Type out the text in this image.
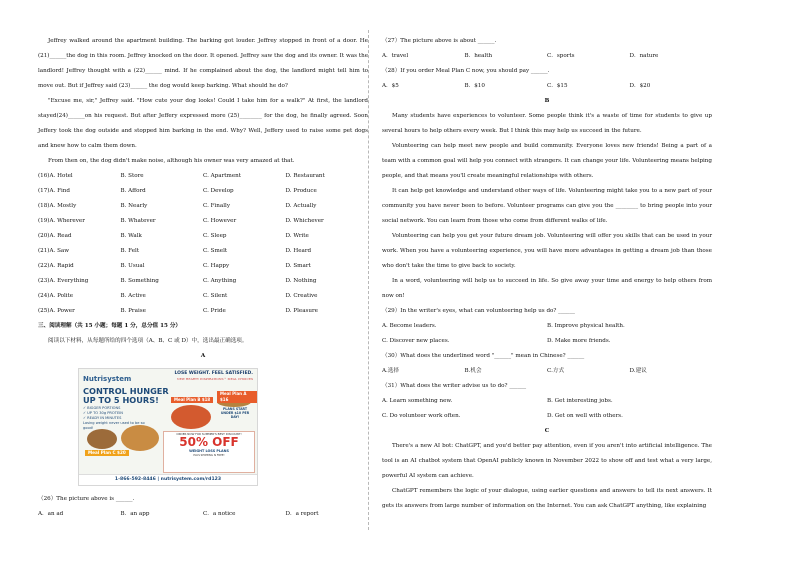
Jeffrey walked around the apartment building. The barking got louder. Jeffrey stopped in front of a door. He (21)______the dog in this room. Jeffrey knocked on the door. It opened. Jeffrey saw the dog and its owner. It was the landlord! Jeffrey thought with a (22)______ mind. If he complained about the dog, the landlord might tell him to move out. But if Jeffrey said (23)______ the dog would keep barking. What should he do?

"Excuse me, sir," Jeffrey said. "How cute your dog looks! Could I take him for a walk?" At first, the landlord stayed(24)______on his request. But after Jeffery expressed more (25)________ for the dog, he finally agreed. Soon Jeffery took the dog outside and stopped him barking in the end. Why? Well, Jeffery used to raise some pet dogs and knew how to calm them down.

From then on, the dog didn't make noise, although his owner was very amazed at that.

(16)A. Hotel	B. Store	C. Apartment	D. Restaurant
(17)A. Find	B. Afford	C. Develop	D. Produce
(18)A. Mostly	B. Nearly	C. Finally	D. Actually
(19)A. Wherever	B. Whatever	C. However	D. Whichever
(20)A. Read	B. Walk	C. Sleep	D. Write
(21)A. Saw	B. Felt	C. Smelt	D. Heard
(22)A. Rapid	B. Usual	C. Happy	D. Smart
(23)A. Everything	B. Something	C. Anything	D. Nothing
(24)A. Polite	B. Active	C. Silent	D. Creative
(25)A. Power	B. Praise	C. Pride	D. Pleasure

三、阅读理解（共 15 小题；每题 1 分，总分值 15 分）

阅读以下材料，从每题所给的四个选项（A、B、C 或 D）中，选出最正确选项。

A

Nutrisystem
LOSE WEIGHT. FEEL SATISFIED.
NEW HEARTY INSPIRATIONS™ MEAL CHOICES
CONTROL HUNGER UP TO 5 HOURS!
✓ BIGGER PORTIONS
✓ UP TO 30g PROTEIN
✓ READY IN MINUTES
Losing weight never used to be so good!
Meal Plan A $16
Meal Plan B $18
Meal Plan C $20
PLANS START UNDER $10 PER DAY!
ORDER NOW FOR SUMMER'S BEST DISCOUNT!
50% OFF
WEIGHT LOSS PLANS
PLUS SHIPPING IS FREE!
1-866-592-8446 | nutrisystem.com/rd123

（26）The picture above is ______.

A．an ad	B．an app	C．a notice	D．a report

（27）The picture above is about ______.

A．travel	B．health	C．sports	D．nature

（28）If you order Meal Plan C now, you should pay ______.

A．$5	B．$10	C．$15	D．$20

B

Many students have experiences to volunteer. Some people think it's a waste of time for students to give up several hours to help others every week. But I think this may help us succeed in the future.

Volunteering can help meet new people and build community. Everyone loves new friends! Being a part of a team with a common goal will help you connect with strangers. It can change your life. Volunteering means helping people, and that means you'll create meaningful relationships with others.

It can help get knowledge and understand other ways of life. Volunteering might take you to a new part of your community you have never been to before. Volunteer programs can give you the ________ to bring people into your social network. You can learn from those who come from different walks of life.

Volunteering can help you get your future dream job. Volunteering will offer you skills that can be used in your work. When you have a volunteering experience, you will have more advantages in getting a dream job than those who don't take the time to give back to society.

In a word, volunteering will help us to succeed in life. So give away your time and energy to help others from now on!

（29）In the writer's eyes, what can volunteering help us do? ______

A. Become leaders.	B. Improve physical health.
C. Discover new places.	D. Make more friends.

（30）What does the underlined word "______" mean in Chinese? ______

A.选择	B.机会	C.方式	D.建议

（31）What does the writer advise us to do? ______

A. Learn something new.	B. Get interesting jobs.
C. Do volunteer work often.	D. Get on well with others.

C

There's a new AI bot: ChatGPT, and you'd better pay attention, even if you aren't into artificial intelligence. The tool is an AI chatbot system that OpenAI publicly known in November 2022 to show off and test what a very large, powerful AI system can achieve.

ChatGPT remembers the logic of your dialogue, using earlier questions and answers to tell its next answers. It gets its answers from large number of information on the Internet. You can ask ChatGPT anything, like explaining
